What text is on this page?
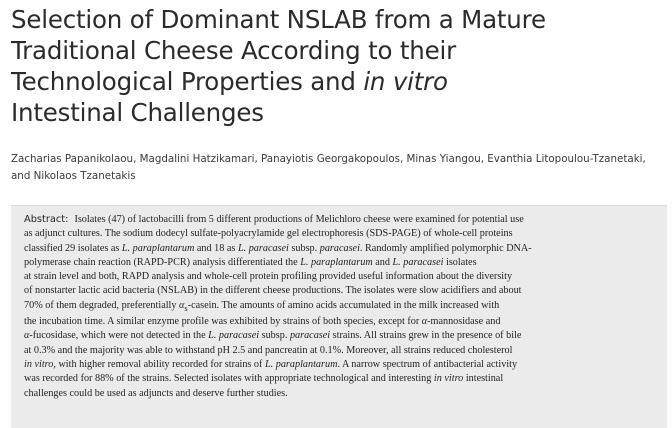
Selection of Dominant NSLAB from a Mature
Traditional Cheese According to their
Technological Properties and in vitro
Intestinal Challenges
Zacharias Papanikolaou, Magdalini Hatzikamari, Panayiotis Georgakopoulos, Minas Yiangou, Evanthia Litopoulou-Tzanetaki,
and Nikolaos Tzanetakis
Abstract: Isolates (47) of lactobacilli from 5 different productions of Melichloro cheese were examined for potential use
as adjunct cultures. The sodium dodecyl sulfate-polyacrylamide gel electrophoresis (SDS-PAGE) of whole-cell proteins
classified 29 isolates as L. paraplantarum and 18 as L. paracasei subsp. paracasei. Randomly amplified polymorphic DNA-
polymerase chain reaction (RAPD-PCR) analysis differentiated the L. paraplantarum and L. paracasei isolates
at strain level and both, RAPD analysis and whole-cell protein profiling provided useful information about the diversity
of nonstarter lactic acid bacteria (NSLAB) in the different cheese productions. The isolates were slow acidifiers and about
70% of them degraded, preferentially $\alpha_s$-casein. The amounts of amino acids accumulated in the milk increased with
the incubation time. A similar enzyme profile was exhibited by strains of both species, except for α-mannosidase and
α-fucosidase, which were not detected in the L. paracasei subsp. paracasei strains. All strains grew in the presence of bile
at 0.3% and the majority was able to withstand pH 2.5 and pancreatin at 0.1%. Moreover, all strains reduced cholesterol
in vitro, with higher removal ability recorded for strains of L. paraplantarum. A narrow spectrum of antibacterial activity
was recorded for 88% of the strains. Selected isolates with appropriate technological and interesting in vitro intestinal
challenges could be used as adjuncts and deserve further studies.
